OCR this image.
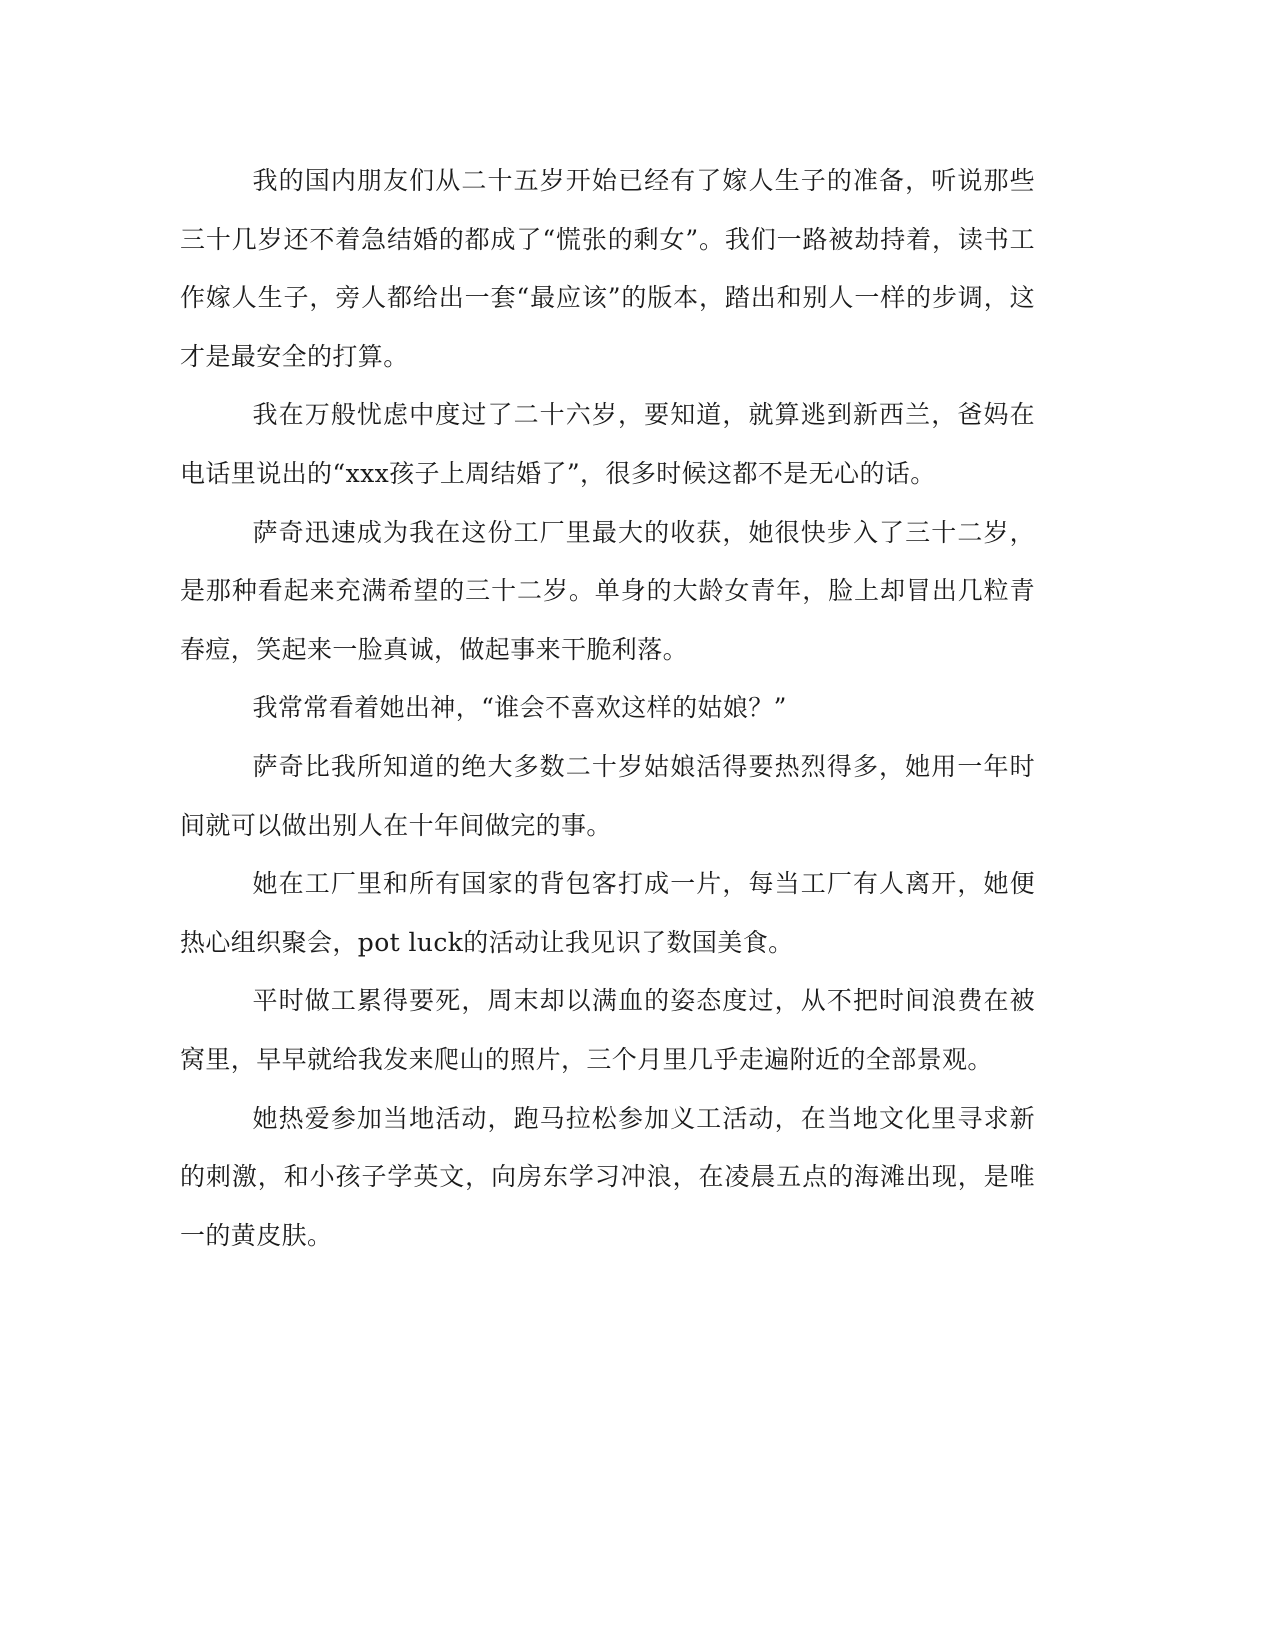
我的国内朋友们从二十五岁开始已经有了嫁人生子的准备，听说那些三十几岁还不着急结婚的都成了“慌张的剩女”。我们一路被劫持着，读书工作嫁人生子，旁人都给出一套“最应该”的版本，踏出和别人一样的步调，这才是最安全的打算。

我在万般忧虑中度过了二十六岁，要知道，就算逃到新西兰，爸妈在电话里说出的“xxx孩子上周结婚了”，很多时候这都不是无心的话。

萨奇迅速成为我在这份工厂里最大的收获，她很快步入了三十二岁，是那种看起来充满希望的三十二岁。单身的大龄女青年，脸上却冒出几粒青春痘，笑起来一脸真诚，做起事来干脆利落。

我常常看着她出神，“谁会不喜欢这样的姑娘？”

萨奇比我所知道的绝大多数二十岁姑娘活得要热烈得多，她用一年时间就可以做出别人在十年间做完的事。

她在工厂里和所有国家的背包客打成一片，每当工厂有人离开，她便热心组织聚会，pot luck的活动让我见识了数国美食。

平时做工累得要死，周末却以满血的姿态度过，从不把时间浪费在被窝里，早早就给我发来爬山的照片，三个月里几乎走遍附近的全部景观。

她热爱参加当地活动，跑马拉松参加义工活动，在当地文化里寻求新的刺激，和小孩子学英文，向房东学习冲浪，在凌晨五点的海滩出现，是唯一的黄皮肤。
